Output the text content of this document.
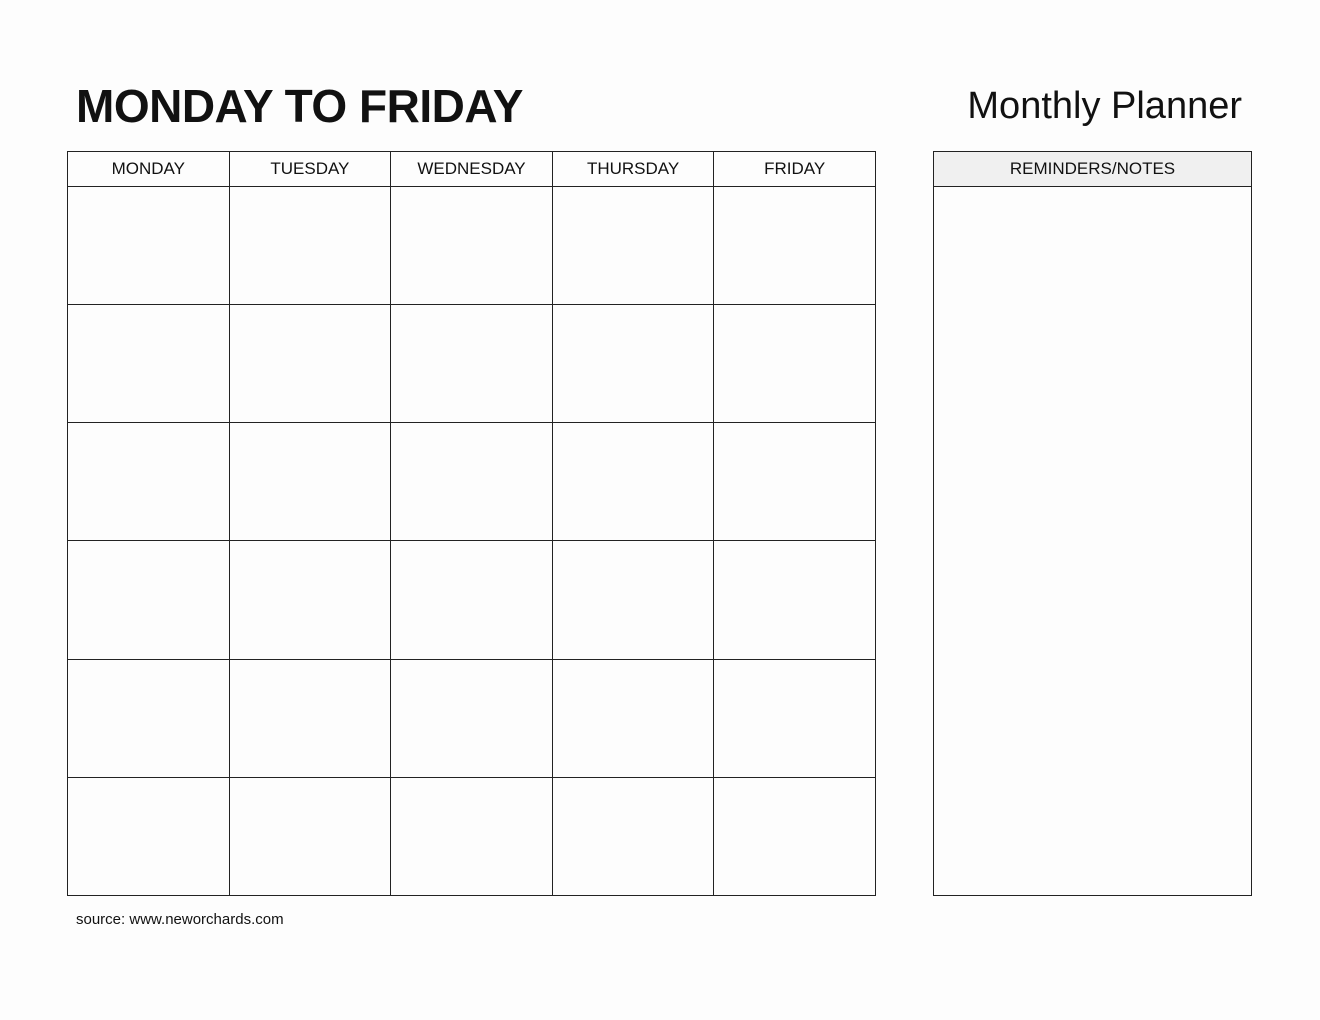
MONDAY TO FRIDAY	Monthly Planner
MONDAY	TUESDAY	WEDNESDAY	THURSDAY	FRIDAY

					REMINDERS/NOTES
source: www.neworchards.com
